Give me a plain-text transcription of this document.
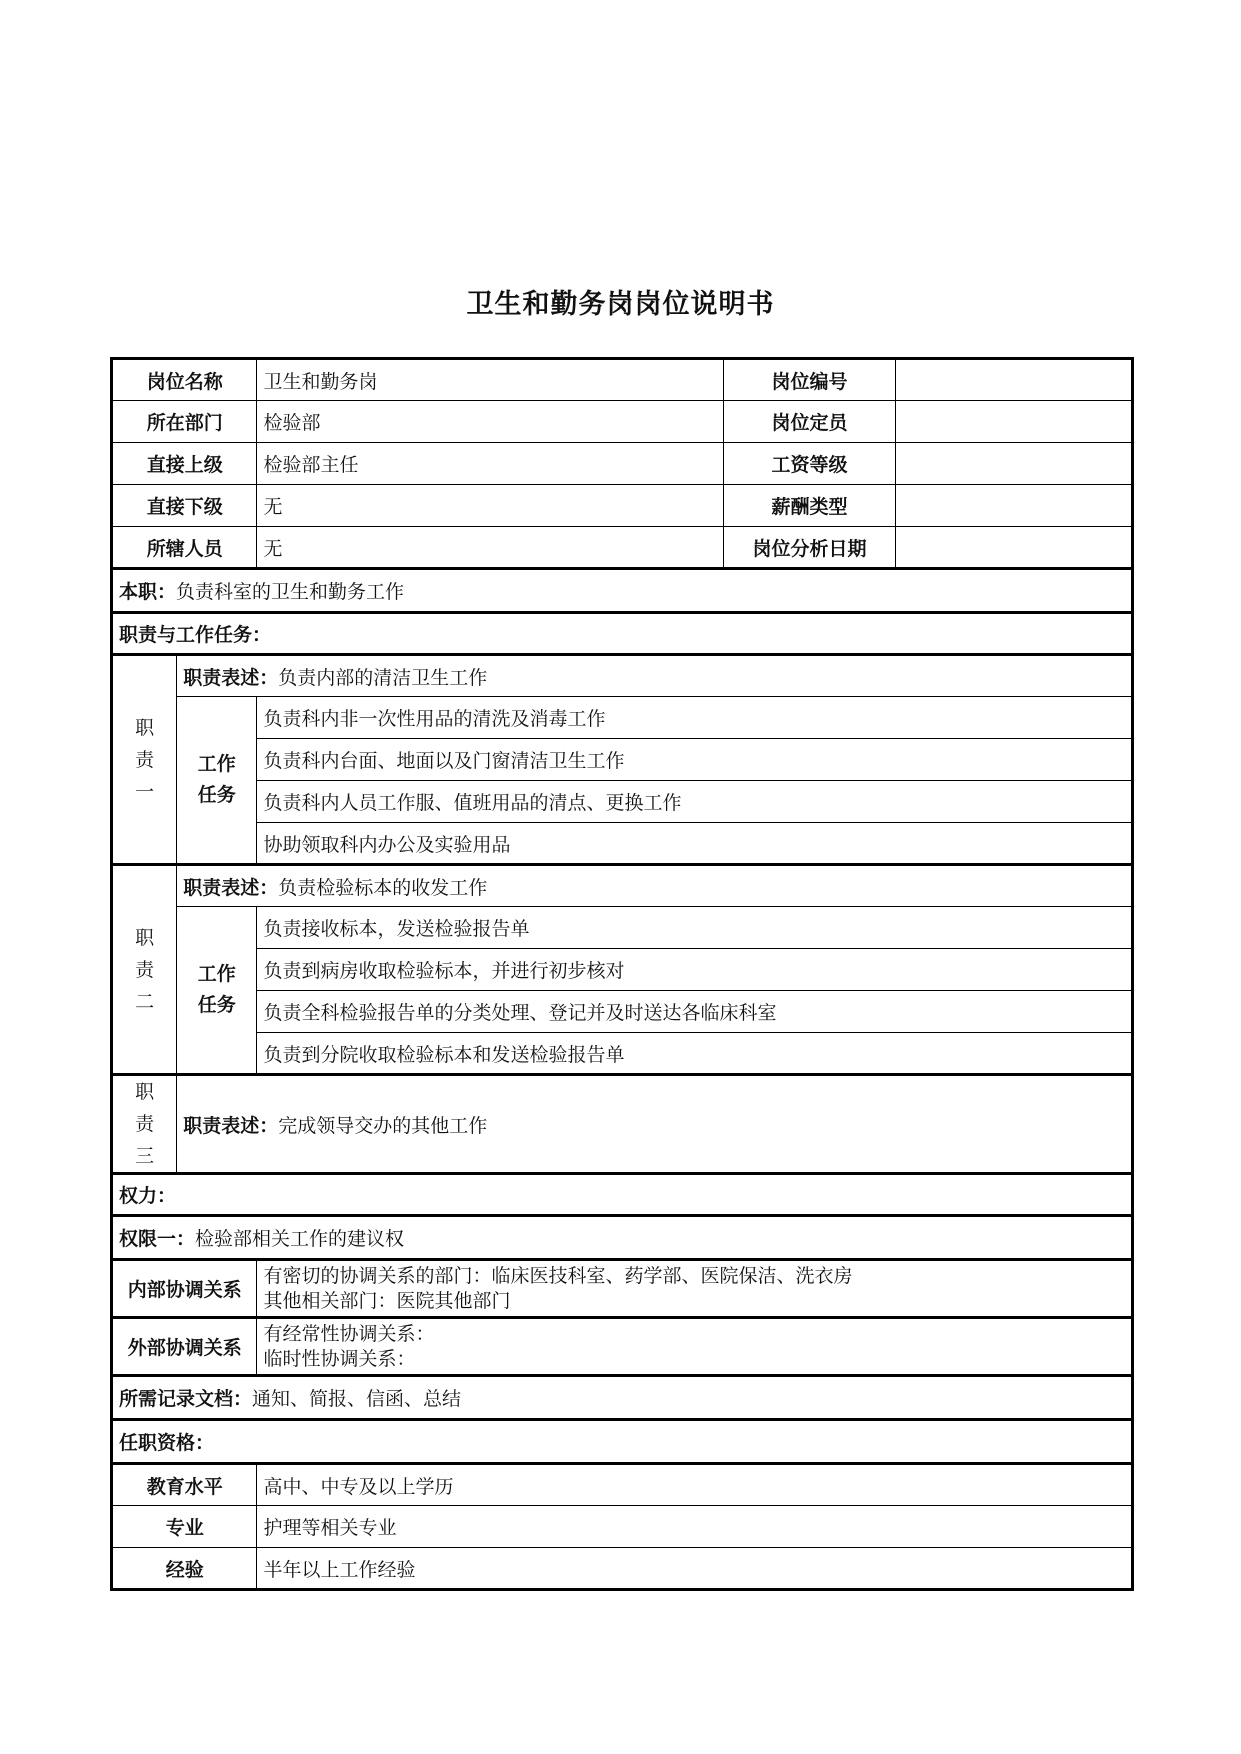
卫生和勤务岗岗位说明书
岗位名称		卫生和勤务岗	岗位编号	
所在部门		检验部	岗位定员	
直接上级		检验部主任	工资等级	
直接下级		无	薪酬类型	
所辖人员		无	岗位分析日期	
本职：负责科室的卫生和勤务工作				
职责与工作任务：				

职
责
一	职责表述：负责内部的清洁卫生工作			

	工作
任务	负责科内非一次性用品的清洗及消毒工作		
		负责科内台面、地面以及门窗清洁卫生工作		
		负责科内人员工作服、值班用品的清点、更换工作		
		协助领取科内办公及实验用品		

职
责
二	职责表述：负责检验标本的收发工作			

	工作
任务	负责接收标本，发送检验报告单		
		负责到病房收取检验标本，并进行初步核对		
		负责全科检验报告单的分类处理、登记并及时送达各临床科室		
		负责到分院收取检验标本和发送检验报告单		

职
责
三	职责表述：完成领导交办的其他工作			
权力：				
权限一：检验部相关工作的建议权				
内部协调关系		有密切的协调关系的部门：临床医技科室、药学部、医院保洁、洗衣房
其他相关部门：医院其他部门		

外部协调关系		有经常性协调关系：
临时性协调关系：		

所需记录文档：通知、简报、信函、总结				
任职资格：				
教育水平		高中、中专及以上学历		
专业		护理等相关专业		
经验		半年以上工作经验		
